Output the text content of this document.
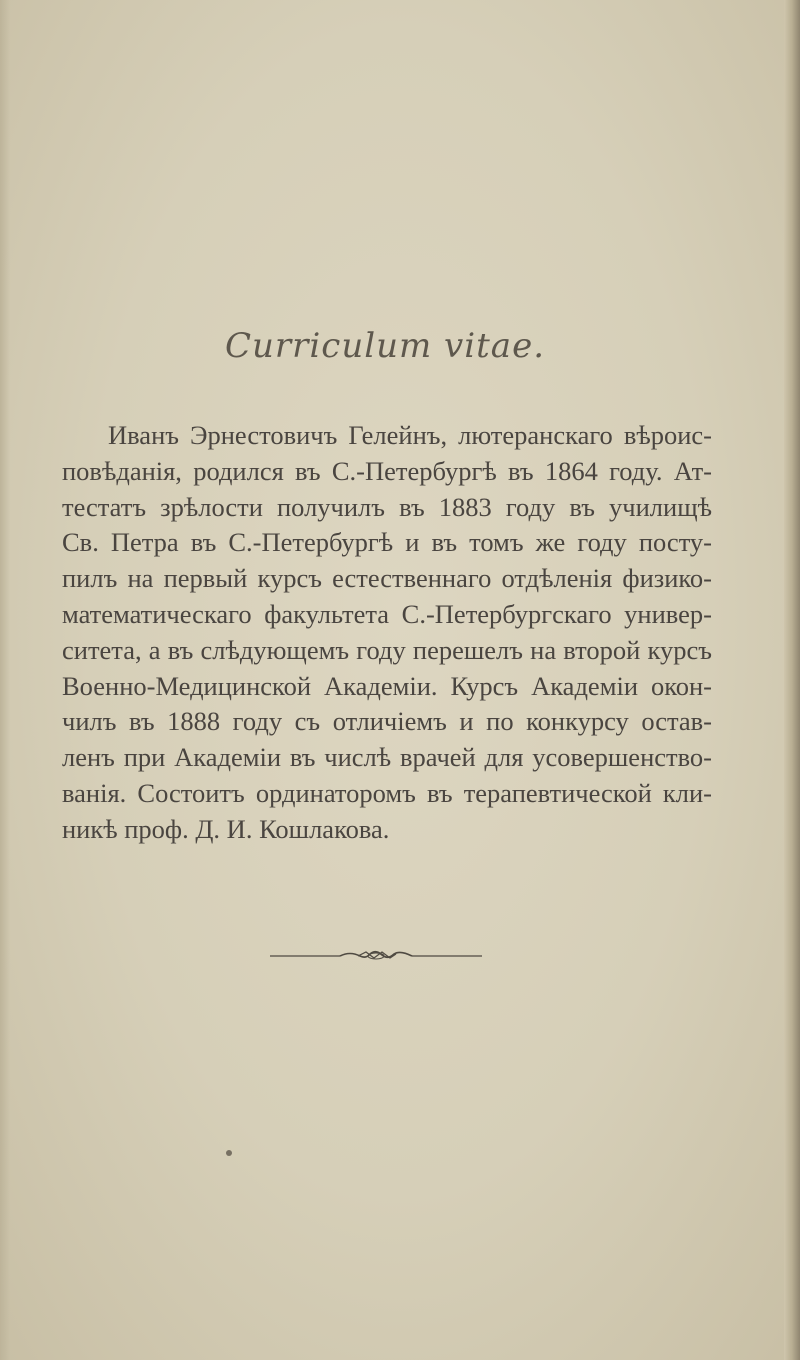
Curriculum vitae.
Иванъ Эрнестовичъ Гелейнъ, лютеранскаго вѣроис-
повѣданія, родился въ С.-Петербургѣ въ 1864 году. Ат-
тестатъ зрѣлости получилъ въ 1883 году въ училищѣ
Св. Петра въ С.-Петербургѣ и въ томъ же году посту-
пилъ на первый курсъ естественнаго отдѣленія физико-
математическаго факультета С.-Петербургскаго универ-
ситета, а въ слѣдующемъ году перешелъ на второй курсъ
Военно-Медицинской Академіи. Курсъ Академіи окон-
чилъ въ 1888 году съ отличіемъ и по конкурсу остав-
ленъ при Академіи въ числѣ врачей для усовершенство-
ванія. Состоитъ ординаторомъ въ терапевтической кли-
никѣ проф. Д. И. Кошлакова.
